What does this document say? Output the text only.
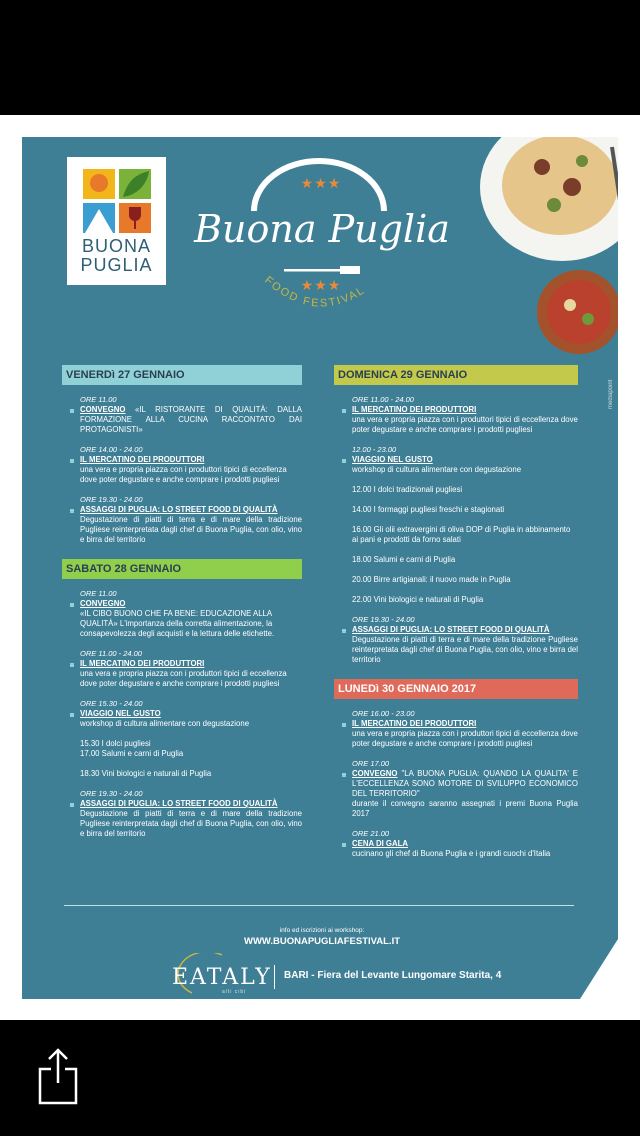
BUONA
PUGLIA
★★★
Buona Puglia
★★★
FOOD FESTIVAL
mediapoint
VENERDì 27 GENNAIO
ORE 11.00
CONVEGNO «IL RISTORANTE DI QUALITÀ: DALLA FORMAZIONE ALLA CUCINA RACCONTATO DAI PROTAGONISTI»
ORE 14.00 - 24.00
IL MERCATINO DEI PRODUTTORI
una vera e propria piazza con i produttori tipici di eccellenza dove poter degustare e anche comprare i prodotti pugliesi
ORE 19.30 - 24.00
ASSAGGI DI PUGLIA: LO STREET FOOD DI QUALITÀ
Degustazione di piatti di terra e di mare della tradizione Pugliese reinterpretata dagli chef di Buona Puglia, con olio, vino e birra del territorio
SABATO 28 GENNAIO
ORE 11.00
CONVEGNO
«IL CIBO BUONO CHE FA BENE: EDUCAZIONE ALLA QUALITÀ» L'importanza della corretta alimentazione, la consapevolezza degli acquisti e la lettura delle etichette.
ORE 11.00 - 24.00
IL MERCATINO DEI PRODUTTORI
una vera e propria piazza con i produttori tipici di eccellenza dove poter degustare e anche comprare i prodotti pugliesi
ORE 15.30 - 24.00
VIAGGIO NEL GUSTO
workshop di cultura alimentare con degustazione
15.30 I dolci pugliesi
17.00 Salumi e carni di Puglia
18.30 Vini biologici e naturali di Puglia
ORE 19.30 - 24.00
ASSAGGI DI PUGLIA: LO STREET FOOD DI QUALITÀ
Degustazione di piatti di terra e di mare della tradizione Pugliese reinterpretata dagli chef di Buona Puglia, con olio, vino e birra del territorio
DOMENICA 29 GENNAIO
ORE 11.00 - 24.00
IL MERCATINO DEI PRODUTTORI
una vera e propria piazza con i produttori tipici di eccellenza dove poter degustare e anche comprare i prodotti pugliesi
12.00 - 23.00
VIAGGIO NEL GUSTO
workshop di cultura alimentare con degustazione
12.00 I dolci tradizionali pugliesi
14.00 I formaggi pugliesi freschi e stagionati
16.00 Gli olii extravergini di oliva DOP di Puglia in abbinamento ai pani e prodotti da forno salati
18.00 Salumi e carni di Puglia
20.00 Birre artigianali: il nuovo made in Puglia
22.00 Vini biologici e naturali di Puglia
ORE 19.30 - 24.00
ASSAGGI DI PUGLIA: LO STREET FOOD DI QUALITÀ
Degustazione di piatti di terra e di mare della tradizione Pugliese reinterpretata dagli chef di Buona Puglia, con olio, vino e birra del territorio
LUNEDì 30 GENNAIO 2017
ORE 16.00 - 23.00
IL MERCATINO DEI PRODUTTORI
una vera e propria piazza con i produttori tipici di eccellenza dove poter degustare e anche comprare i prodotti pugliesi
ORE 17.00
CONVEGNO "LA BUONA PUGLIA: QUANDO LA QUALITA' E L'ECCELLENZA SONO MOTORE DI SVILUPPO ECONOMICO DEL TERRITORIO"
durante il convegno saranno assegnati i premi Buona Puglia 2017
ORE 21.00
CENA DI GALA
cucinano gli chef di Buona Puglia e i grandi cuochi d'Italia
info ed iscrizioni ai workshop:
WWW.BUONAPUGLIAFESTIVAL.IT
EATALY
alti cibi
BARI - Fiera del Levante Lungomare Starita, 4
